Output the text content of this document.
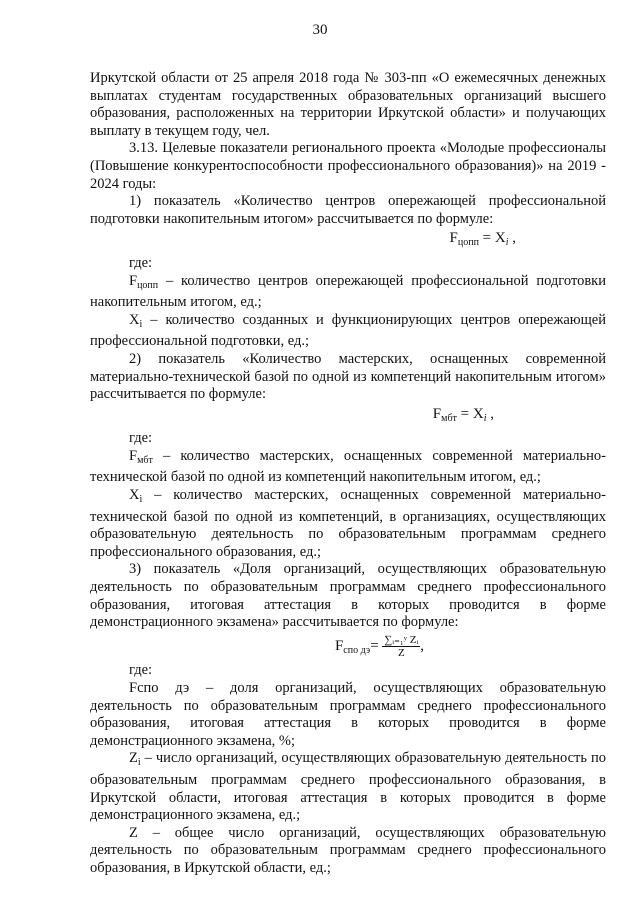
30

Иркутской области от 25 апреля 2018 года № 303-пп «О ежемесячных денежных выплатах студентам государственных образовательных организаций высшего образования, расположенных на территории Иркутской области» и получающих выплату в текущем году, чел.

3.13. Целевые показатели регионального проекта «Молодые профессионалы (Повышение конкурентоспособности профессионального образования)» на 2019 - 2024 годы:

1) показатель «Количество центров опережающей профессиональной подготовки накопительным итогом» рассчитывается по формуле:

$F_{цопп} = X_i$ ,

где:

$F_{цопп}$ – количество центров опережающей профессиональной подготовки накопительным итогом, ед.;

$X_i$ – количество созданных и функционирующих центров опережающей профессиональной подготовки, ед.;

2) показатель «Количество мастерских, оснащенных современной материально-технической базой по одной из компетенций накопительным итогом» рассчитывается по формуле:

$F_{мбт} = X_i$ ,

где:

$F_{мбт}$ – количество мастерских, оснащенных современной материально-технической базой по одной из компетенций накопительным итогом, ед.;

$X_i$ – количество мастерских, оснащенных современной материально-технической базой по одной из компетенций, в организациях, осуществляющих образовательную деятельность по образовательным программам среднего профессионального образования, ед.;

3) показатель «Доля организаций, осуществляющих образовательную деятельность по образовательным программам среднего профессионального образования, итоговая аттестация в которых проводится в форме демонстрационного экзамена» рассчитывается по формуле:

$F_{спо дэ}= \frac{\text{∑ᵢ₌₁ʸ Zᵢ}}{Z}$ ,

где:

Fспо дэ – доля организаций, осуществляющих образовательную деятельность по образовательным программам среднего профессионального образования, итоговая аттестация в которых проводится в форме демонстрационного экзамена, %;

$Z_i$ – число организаций, осуществляющих образовательную деятельность по образовательным программам среднего профессионального образования, в Иркутской области, итоговая аттестация в которых проводится в форме демонстрационного экзамена, ед.;

Z – общее число организаций, осуществляющих образовательную деятельность по образовательным программам среднего профессионального образования, в Иркутской области, ед.;
